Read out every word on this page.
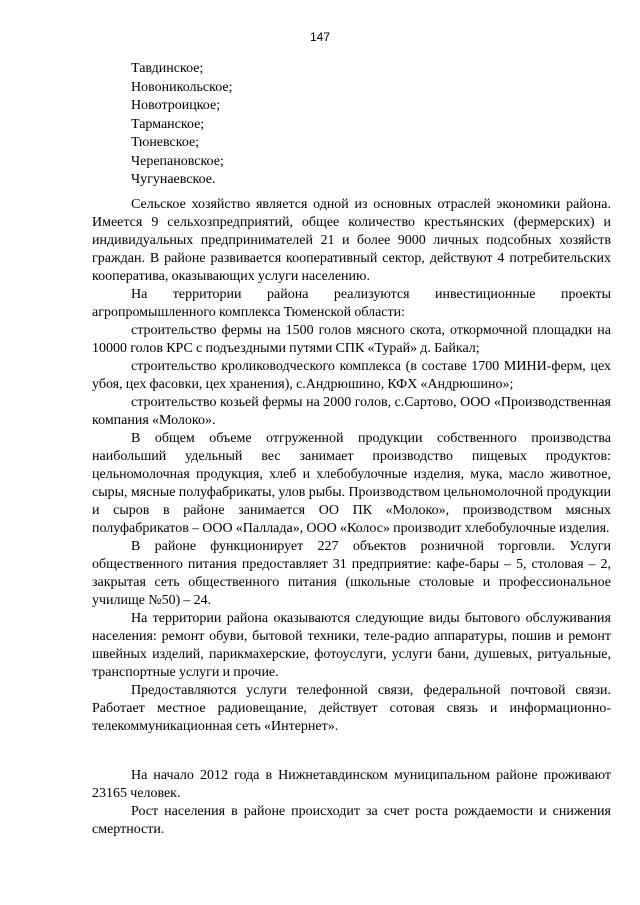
147
Тавдинское;
Новоникольское;
Новотроицкое;
Тарманское;
Тюневское;
Черепановское;
Чугунаевское.

Сельское хозяйство является одной из основных отраслей экономики района. Имеется 9 сельхозпредприятий, общее количество крестьянских (фермерских) и индивидуальных предпринимателей 21 и более 9000 личных подсобных хозяйств граждан. В районе развивается кооперативный сектор, действуют 4 потребительских кооператива, оказывающих услуги населению.

На территории района реализуются инвестиционные проекты агропромышленного комплекса Тюменской области:

строительство фермы на 1500 голов мясного скота, откормочной площадки на 10000 голов КРС с подъездными путями СПК «Турай» д. Байкал;

строительство кролиководческого комплекса (в составе 1700 МИНИ-ферм, цех убоя, цех фасовки, цех хранения), с.Андрюшино, КФХ «Андрюшино»;

строительство козьей фермы на 2000 голов, с.Сартово, ООО «Производственная компания «Молоко».

В общем объеме отгруженной продукции собственного производства наибольший удельный вес занимает производство пищевых продуктов: цельномолочная продукция, хлеб и хлебобулочные изделия, мука, масло животное, сыры, мясные полуфабрикаты, улов рыбы. Производством цельномолочной продукции и сыров в районе занимается ОО ПК «Молоко», производством мясных полуфабрикатов – ООО «Паллада», ООО «Колос» производит хлебобулочные изделия.

В районе функционирует 227 объектов розничной торговли. Услуги общественного питания предоставляет 31 предприятие: кафе-бары – 5, столовая – 2, закрытая сеть общественного питания (школьные столовые и профессиональное училище №50) – 24.

На территории района оказываются следующие виды бытового обслуживания населения: ремонт обуви, бытовой техники, теле-радио аппаратуры, пошив и ремонт швейных изделий, парикмахерские, фотоуслуги, услуги бани, душевых, ритуальные, транспортные услуги и прочие.

Предоставляются услуги телефонной связи, федеральной почтовой связи. Работает местное радиовещание, действует сотовая связь и информационно-телекоммуникационная сеть «Интернет».

На начало 2012 года в Нижнетавдинском муниципальном районе проживают 23165 человек.

Рост населения в районе происходит за счет роста рождаемости и снижения смертности.
